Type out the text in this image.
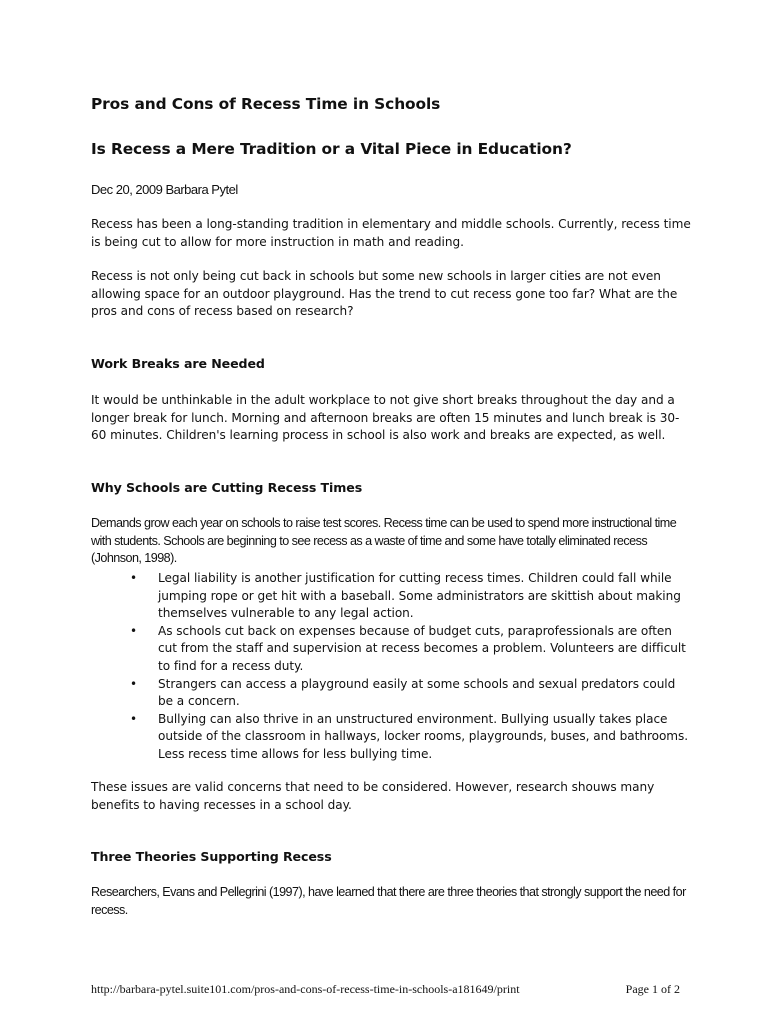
Pros and Cons of Recess Time in Schools
Is Recess a Mere Tradition or a Vital Piece in Education?

Dec 20, 2009 Barbara Pytel

Recess has been a long-standing tradition in elementary and middle schools. Currently, recess time is being cut to allow for more instruction in math and reading.

Recess is not only being cut back in schools but some new schools in larger cities are not even allowing space for an outdoor playground. Has the trend to cut recess gone too far? What are the pros and cons of recess based on research?

Work Breaks are Needed

It would be unthinkable in the adult workplace to not give short breaks throughout the day and a longer break for lunch. Morning and afternoon breaks are often 15 minutes and lunch break is 30-60 minutes. Children's learning process in school is also work and breaks are expected, as well.

Why Schools are Cutting Recess Times

Demands grow each year on schools to raise test scores. Recess time can be used to spend more instructional time with students. Schools are beginning to see recess as a waste of time and some have totally eliminated recess (Johnson, 1998).

• Legal liability is another justification for cutting recess times. Children could fall while jumping rope or get hit with a baseball. Some administrators are skittish about making themselves vulnerable to any legal action.
• As schools cut back on expenses because of budget cuts, paraprofessionals are often cut from the staff and supervision at recess becomes a problem. Volunteers are difficult to find for a recess duty.
• Strangers can access a playground easily at some schools and sexual predators could be a concern.
• Bullying can also thrive in an unstructured environment. Bullying usually takes place outside of the classroom in hallways, locker rooms, playgrounds, buses, and bathrooms. Less recess time allows for less bullying time.

These issues are valid concerns that need to be considered. However, research shouws many benefits to having recesses in a school day.

Three Theories Supporting Recess

Researchers, Evans and Pellegrini (1997), have learned that there are three theories that strongly support the need for recess.

http://barbara-pytel.suite101.com/pros-and-cons-of-recess-time-in-schools-a181649/print	Page 1 of 2
